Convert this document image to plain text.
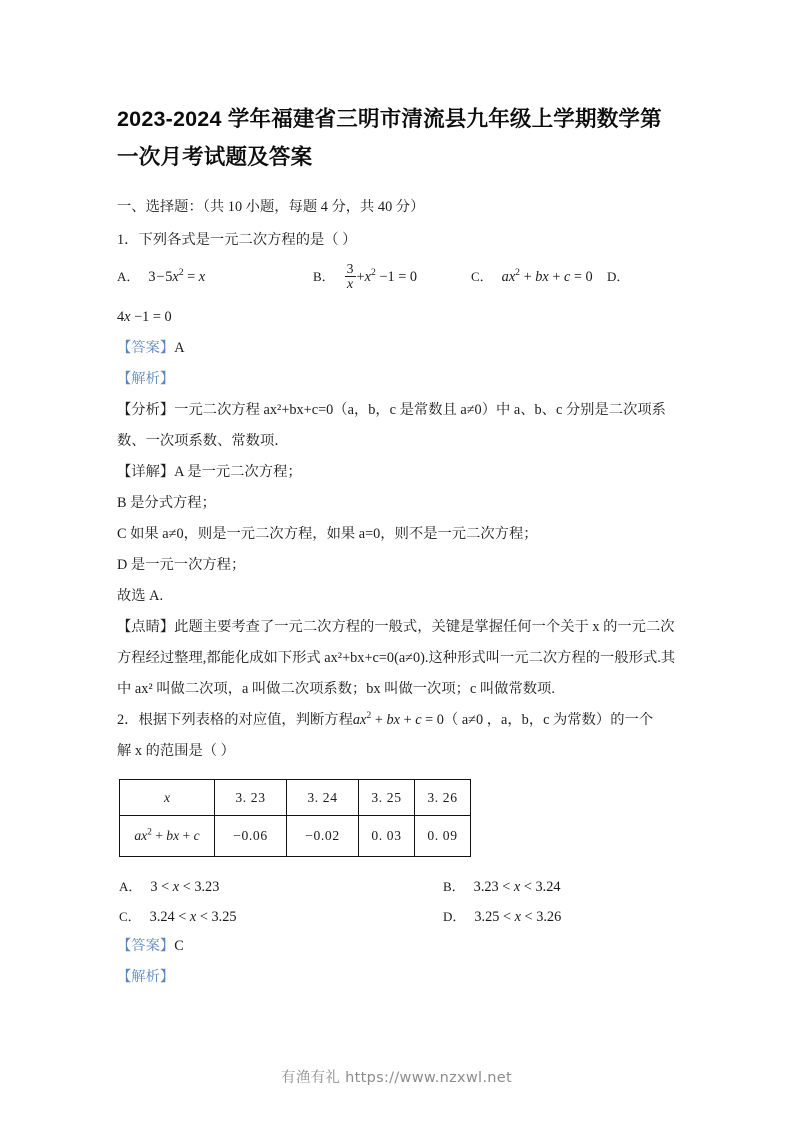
2023-2024 学年福建省三明市清流县九年级上学期数学第一次月考试题及答案

一、选择题：（共 10 小题，每题 4 分，共 40 分）

1．下列各式是一元二次方程的是（ ）

A． $3-5x^2 = x$	B． $\frac{3}{x} +x^2 -1 = 0$	C． $ax^2$ + bx + c = 0 D．
4x −1 = 0

【答案】A

【解析】

【分析】一元二次方程 ax²+bx+c=0（a，b，c 是常数且 a≠0）中 a、b、c 分别是二次项系数、一次项系数、常数项．

【详解】A 是一元二次方程；

B 是分式方程；

C 如果 a≠0，则是一元二次方程，如果 a=0，则不是一元二次方程；

D 是一元一次方程；

故选 A.

【点睛】此题主要考查了一元二次方程的一般式，关键是掌握任何一个关于 x 的一元二次方程经过整理,都能化成如下形式 ax²+bx+c=0(a≠0).这种形式叫一元二次方程的一般形式.其中 ax² 叫做二次项，a 叫做二次项系数；bx 叫做一次项；c 叫做常数项.

2．根据下列表格的对应值，判断方程$ax^2$ + bx + c = 0（ a≠0 ，a，b，c 为常数）的一个

解 x 的范围是（ ）

x	3. 23	3. 24	3. 25	3. 26
$ax^2$ + bx + c	−0.06	−0.02	0. 03	0. 09
A． 3 < x < 3.23	B． 3.23 < x < 3.24
C． 3.24 < x < 3.25	D． 3.25 < x < 3.26

【答案】C

【解析】

有渔有礼 https://www.nzxwl.net
